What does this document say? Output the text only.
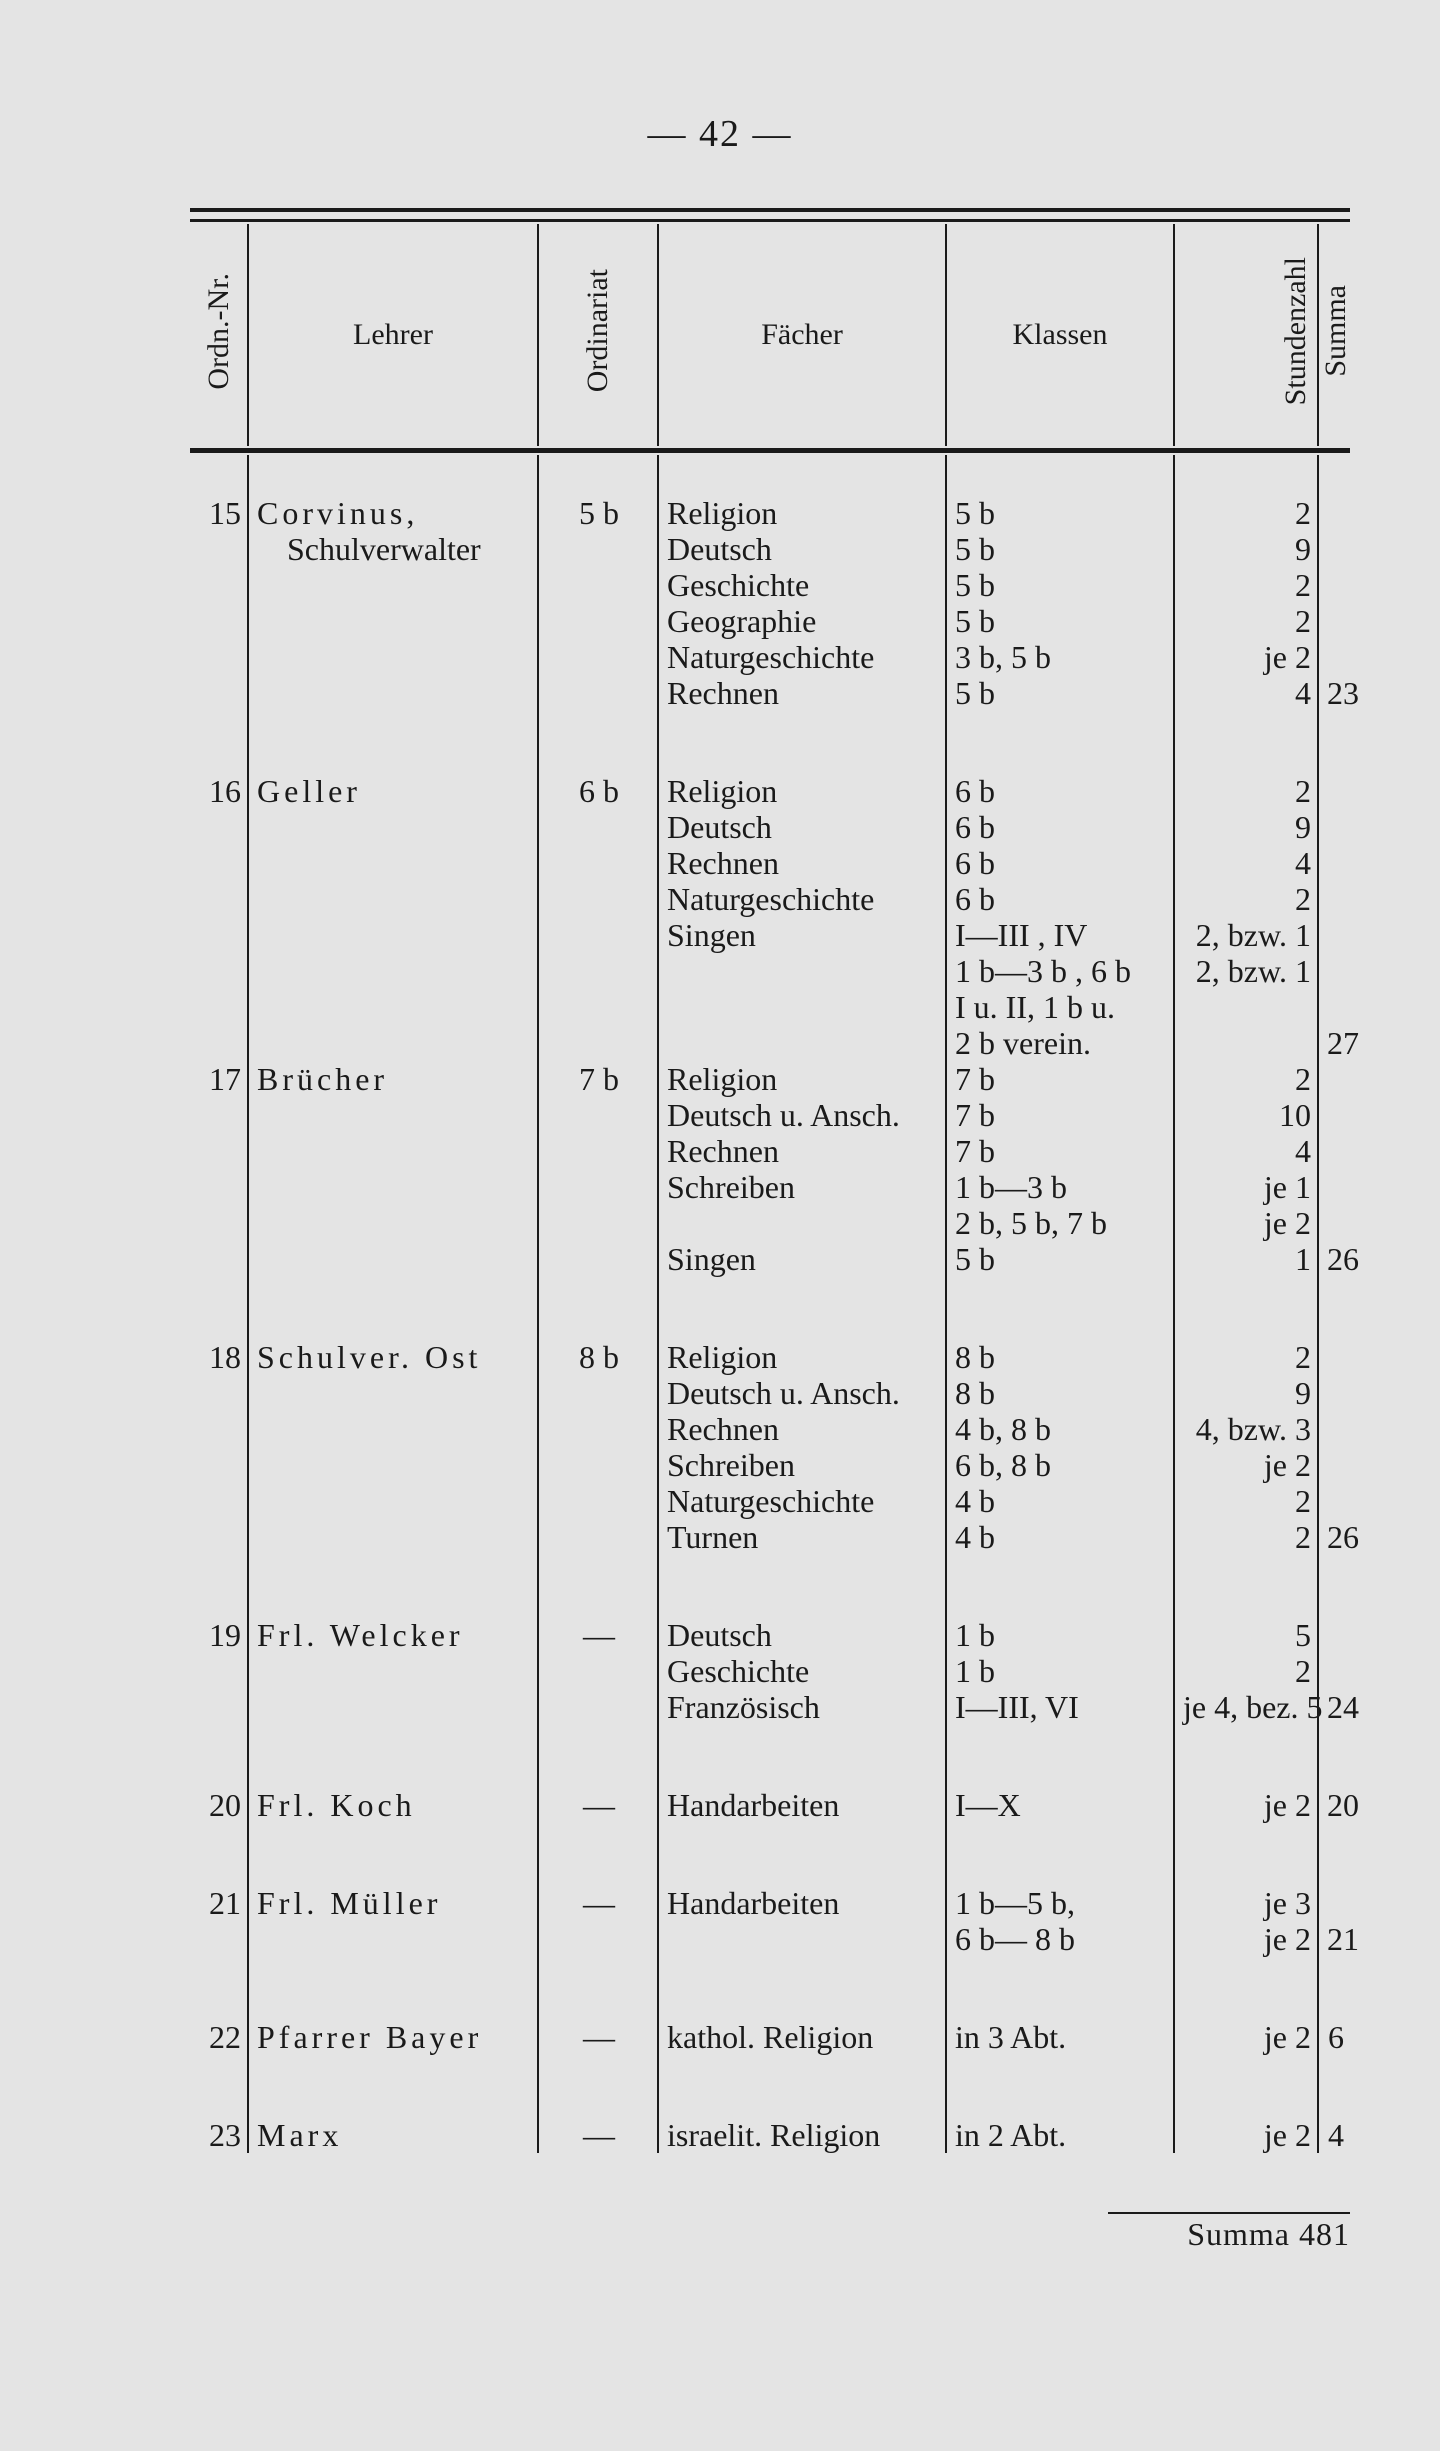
— 42 —
Ordn.-Nr.	Lehrer	Ordinariat	Fächer	Klassen	Stundenzahl	Summa
15	Corvinus,	5 b	Religion	5 b	2	
	Schulverwalter		Deutsch	5 b	9	
			Geschichte	5 b	2	
			Geographie	5 b	2	
			Naturgeschichte	3 b, 5 b	je 2	
			Rechnen	5 b	4	23
16	Geller	6 b	Religion	6 b	2	
			Deutsch	6 b	9	
			Rechnen	6 b	4	
			Naturgeschichte	6 b	2	
			Singen	I—III , IV	2, bzw. 1	
				1 b—3 b , 6 b	2, bzw. 1	
				I u. II, 1 b u.		
				2 b verein.		27
17	Brücher	7 b	Religion	7 b	2	
			Deutsch u. Ansch.	7 b	10	
			Rechnen	7 b	4	
			Schreiben	1 b—3 b	je 1	
				2 b, 5 b, 7 b	je 2	
			Singen	5 b	1	26
18	Schulver. Ost	8 b	Religion	8 b	2	
			Deutsch u. Ansch.	8 b	9	
			Rechnen	4 b, 8 b	4, bzw. 3	
			Schreiben	6 b, 8 b	je 2	
			Naturgeschichte	4 b	2	
			Turnen	4 b	2	26
19	Frl. Welcker	—	Deutsch	1 b	5	
			Geschichte	1 b	2	
			Französisch	I—III, VI	je 4, bez. 5	24
20	Frl. Koch	—	Handarbeiten	I—X	je 2	20
21	Frl. Müller	—	Handarbeiten	1 b—5 b,	je 3	
				6 b— 8 b	je 2	21
22	Pfarrer Bayer	—	kathol. Religion	in 3 Abt.	je 2	6
23	Marx	—	israelit. Religion	in 2 Abt.	je 2	4
Summa 481
